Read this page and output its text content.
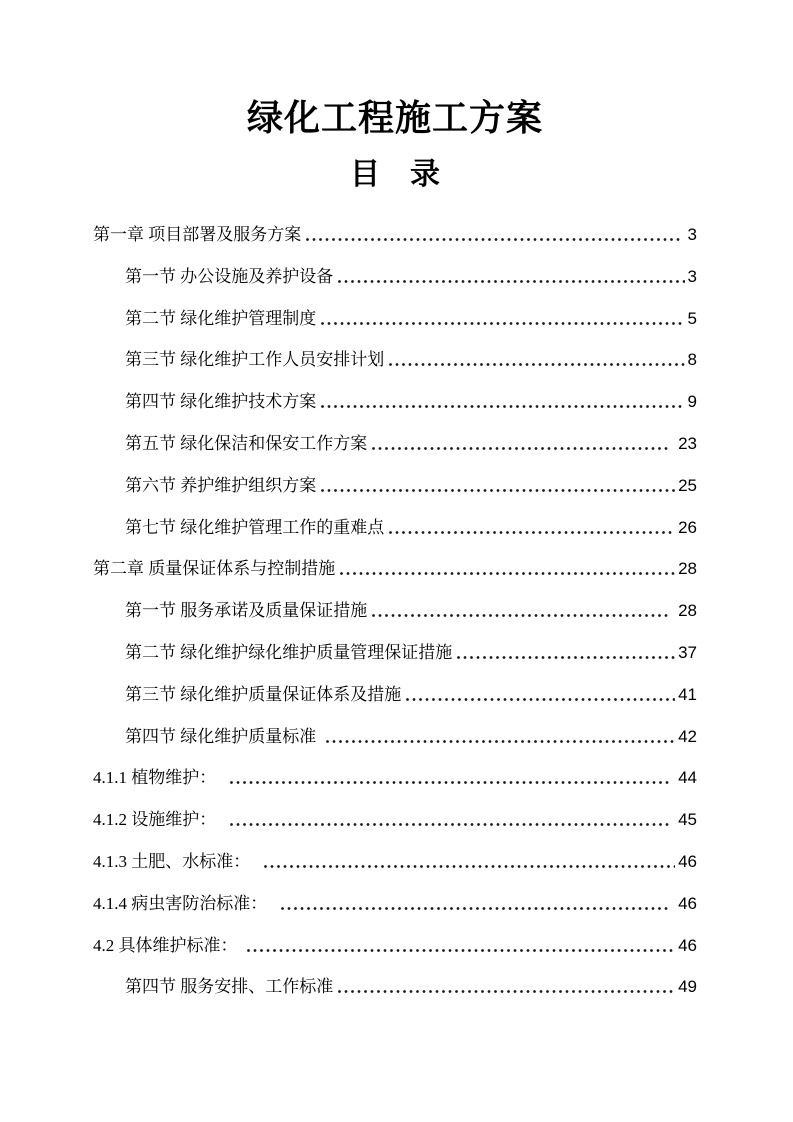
绿化工程施工方案
目　录
第一章 项目部署及服务方案	3
第一节 办公设施及养护设备	3
第二节 绿化维护管理制度	5
第三节 绿化维护工作人员安排计划	8
第四节 绿化维护技术方案	9
第五节 绿化保洁和保安工作方案	23
第六节 养护维护组织方案	25
第七节 绿化维护管理工作的重难点	26
第二章 质量保证体系与控制措施	28
第一节 服务承诺及质量保证措施	28
第二节 绿化维护绿化维护质量管理保证措施	37
第三节 绿化维护质量保证体系及措施	41
第四节 绿化维护质量标准	42
4.1.1 植物维护：　	44
4.1.2 设施维护：　	45
4.1.3 土肥、水标准：　	46
4.1.4 病虫害防治标准：　	46
4.2 具体维护标准：	46
第四节 服务安排、工作标准	49
